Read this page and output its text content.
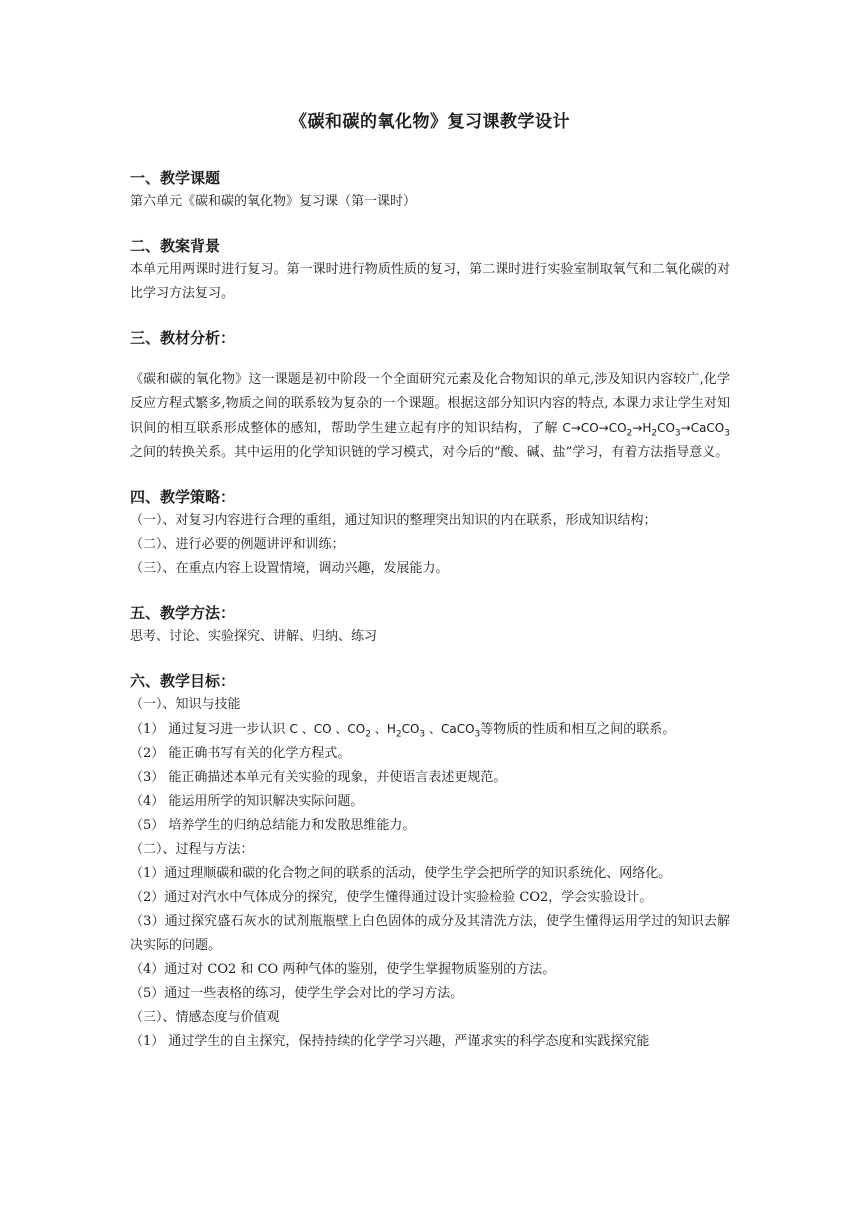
《碳和碳的氧化物》复习课教学设计

一、教学课题

第六单元《碳和碳的氧化物》复习课（第一课时）

二、教案背景

本单元用两课时进行复习。第一课时进行物质性质的复习，第二课时进行实验室制取氧气和二氧化碳的对比学习方法复习。

三、教材分析：

《碳和碳的氧化物》这一课题是初中阶段一个全面研究元素及化合物知识的单元,涉及知识内容较广,化学反应方程式繁多,物质之间的联系较为复杂的一个课题。根据这部分知识内容的特点, 本课力求让学生对知识间的相互联系形成整体的感知，帮助学生建立起有序的知识结构，了解 $C\to CO\to CO_2\to H_2CO_3\to CaCO_3$之间的转换关系。其中运用的化学知识链的学习模式，对今后的“酸、碱、盐”学习，有着方法指导意义。

四、教学策略：

（一）、对复习内容进行合理的重组，通过知识的整理突出知识的内在联系，形成知识结构；

（二）、进行必要的例题讲评和训练；

（三）、在重点内容上设置情境，调动兴趣，发展能力。

五、教学方法：

思考、讨论、实验探究、讲解、归纳、练习

六、教学目标：

（一）、知识与技能

（1） 通过复习进一步认识 C 、CO 、$CO_2$ 、$H_2CO_3$ 、CaCO$_3$等物质的性质和相互之间的联系。

（2） 能正确书写有关的化学方程式。

（3） 能正确描述本单元有关实验的现象，并使语言表述更规范。

（4） 能运用所学的知识解决实际问题。

（5） 培养学生的归纳总结能力和发散思维能力。

（二）、过程与方法：

（1）通过理顺碳和碳的化合物之间的联系的活动，使学生学会把所学的知识系统化、网络化。

（2）通过对汽水中气体成分的探究，使学生懂得通过设计实验检验 CO2，学会实验设计。

（3）通过探究盛石灰水的试剂瓶瓶壁上白色固体的成分及其清洗方法，使学生懂得运用学过的知识去解决实际的问题。

（4）通过对 CO2 和 CO 两种气体的鉴别，使学生掌握物质鉴别的方法。

（5）通过一些表格的练习，使学生学会对比的学习方法。

（三）、情感态度与价值观

（1） 通过学生的自主探究，保持持续的化学学习兴趣，严谨求实的科学态度和实践探究能
